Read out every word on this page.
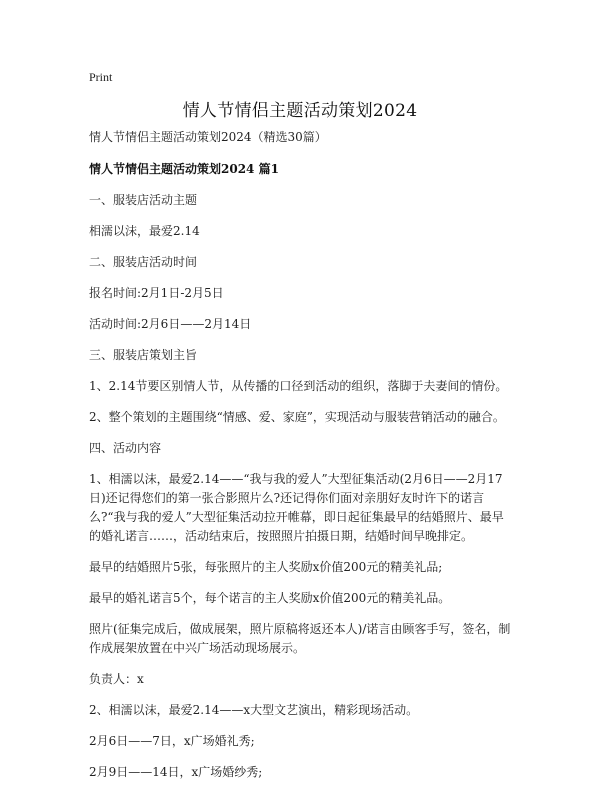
Print
情人节情侣主题活动策划2024

情人节情侣主题活动策划2024（精选30篇）

情人节情侣主题活动策划2024 篇1

一、服装店活动主题

相濡以沫，最爱2.14

二、服装店活动时间

报名时间:2月1日-2月5日

活动时间:2月6日——2月14日

三、服装店策划主旨

1、2.14节要区别情人节，从传播的口径到活动的组织，落脚于夫妻间的情份。

2、整个策划的主题围绕“情感、爱、家庭”，实现活动与服装营销活动的融合。

四、活动内容

1、相濡以沫，最爱2.14——“我与我的爱人”大型征集活动(2月6日——2月17日)还记得您们的第一张合影照片么?还记得你们面对亲朋好友时许下的诺言么?“我与我的爱人”大型征集活动拉开帷幕，即日起征集最早的结婚照片、最早的婚礼诺言……，活动结束后，按照照片拍摄日期，结婚时间早晚排定。

最早的结婚照片5张，每张照片的主人奖励x价值200元的精美礼品;

最早的婚礼诺言5个，每个诺言的主人奖励x价值200元的精美礼品。

照片(征集完成后，做成展架，照片原稿将返还本人)/诺言由顾客手写，签名，制作成展架放置在中兴广场活动现场展示。

负责人：x

2、相濡以沫，最爱2.14——x大型文艺演出，精彩现场活动。

2月6日——7日，x广场婚礼秀;

2月9日——14日，x广场婚纱秀;
